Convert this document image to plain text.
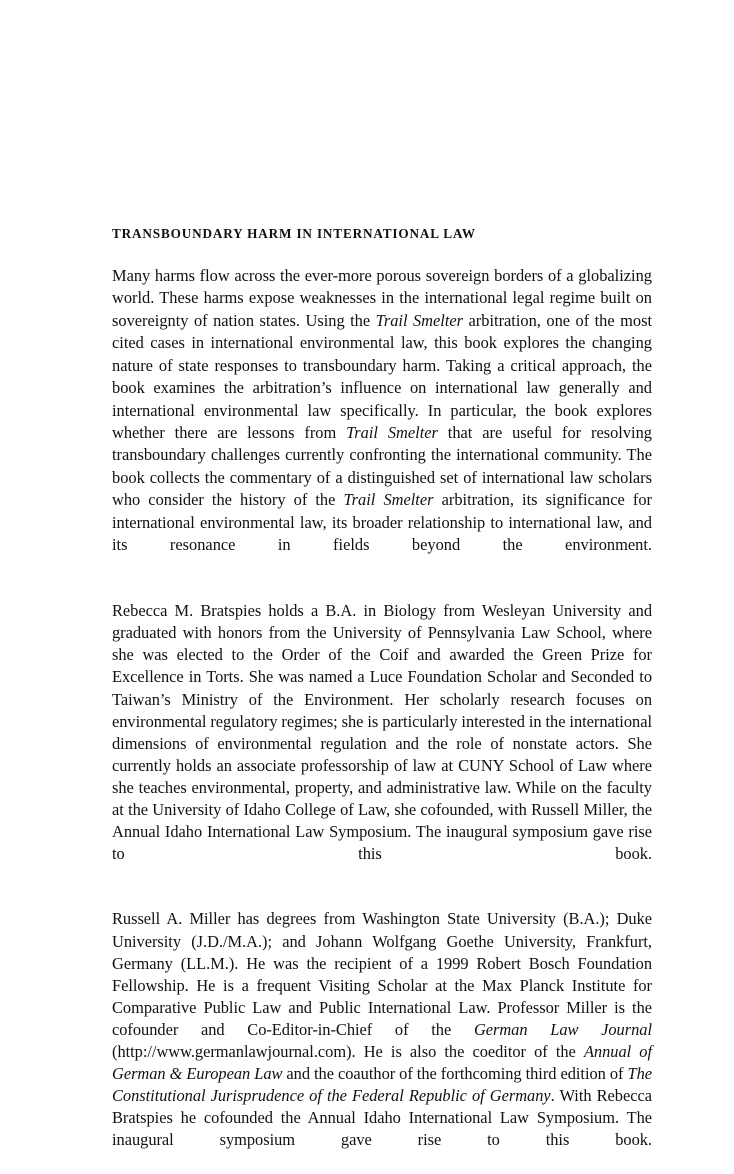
TRANSBOUNDARY HARM IN INTERNATIONAL LAW

Many harms flow across the ever-more porous sovereign borders of a globalizing world. These harms expose weaknesses in the international legal regime built on sovereignty of nation states. Using the Trail Smelter arbitration, one of the most cited cases in international environmental law, this book explores the changing nature of state responses to transboundary harm. Taking a critical approach, the book examines the arbitration’s influence on international law generally and international environmental law specifically. In particular, the book explores whether there are lessons from Trail Smelter that are useful for resolving transboundary challenges currently confronting the international community. The book collects the commentary of a distinguished set of international law scholars who consider the history of the Trail Smelter arbitration, its significance for international environmental law, its broader relationship to international law, and its resonance in fields beyond the environment.

Rebecca M. Bratspies holds a B.A. in Biology from Wesleyan University and graduated with honors from the University of Pennsylvania Law School, where she was elected to the Order of the Coif and awarded the Green Prize for Excellence in Torts. She was named a Luce Foundation Scholar and Seconded to Taiwan’s Ministry of the Environment. Her scholarly research focuses on environmental regulatory regimes; she is particularly interested in the international dimensions of environmental regulation and the role of nonstate actors. She currently holds an associate professorship of law at CUNY School of Law where she teaches environmental, property, and administrative law. While on the faculty at the University of Idaho College of Law, she cofounded, with Russell Miller, the Annual Idaho International Law Symposium. The inaugural symposium gave rise to this book.

Russell A. Miller has degrees from Washington State University (B.A.); Duke University (J.D./M.A.); and Johann Wolfgang Goethe University, Frankfurt, Germany (LL.M.). He was the recipient of a 1999 Robert Bosch Foundation Fellowship. He is a frequent Visiting Scholar at the Max Planck Institute for Comparative Public Law and Public International Law. Professor Miller is the cofounder and Co-Editor-in-Chief of the German Law Journal (http://www.germanlawjournal.com). He is also the coeditor of the Annual of German & European Law and the coauthor of the forthcoming third edition of The Constitutional Jurisprudence of the Federal Republic of Germany. With Rebecca Bratspies he cofounded the Annual Idaho International Law Symposium. The inaugural symposium gave rise to this book.
